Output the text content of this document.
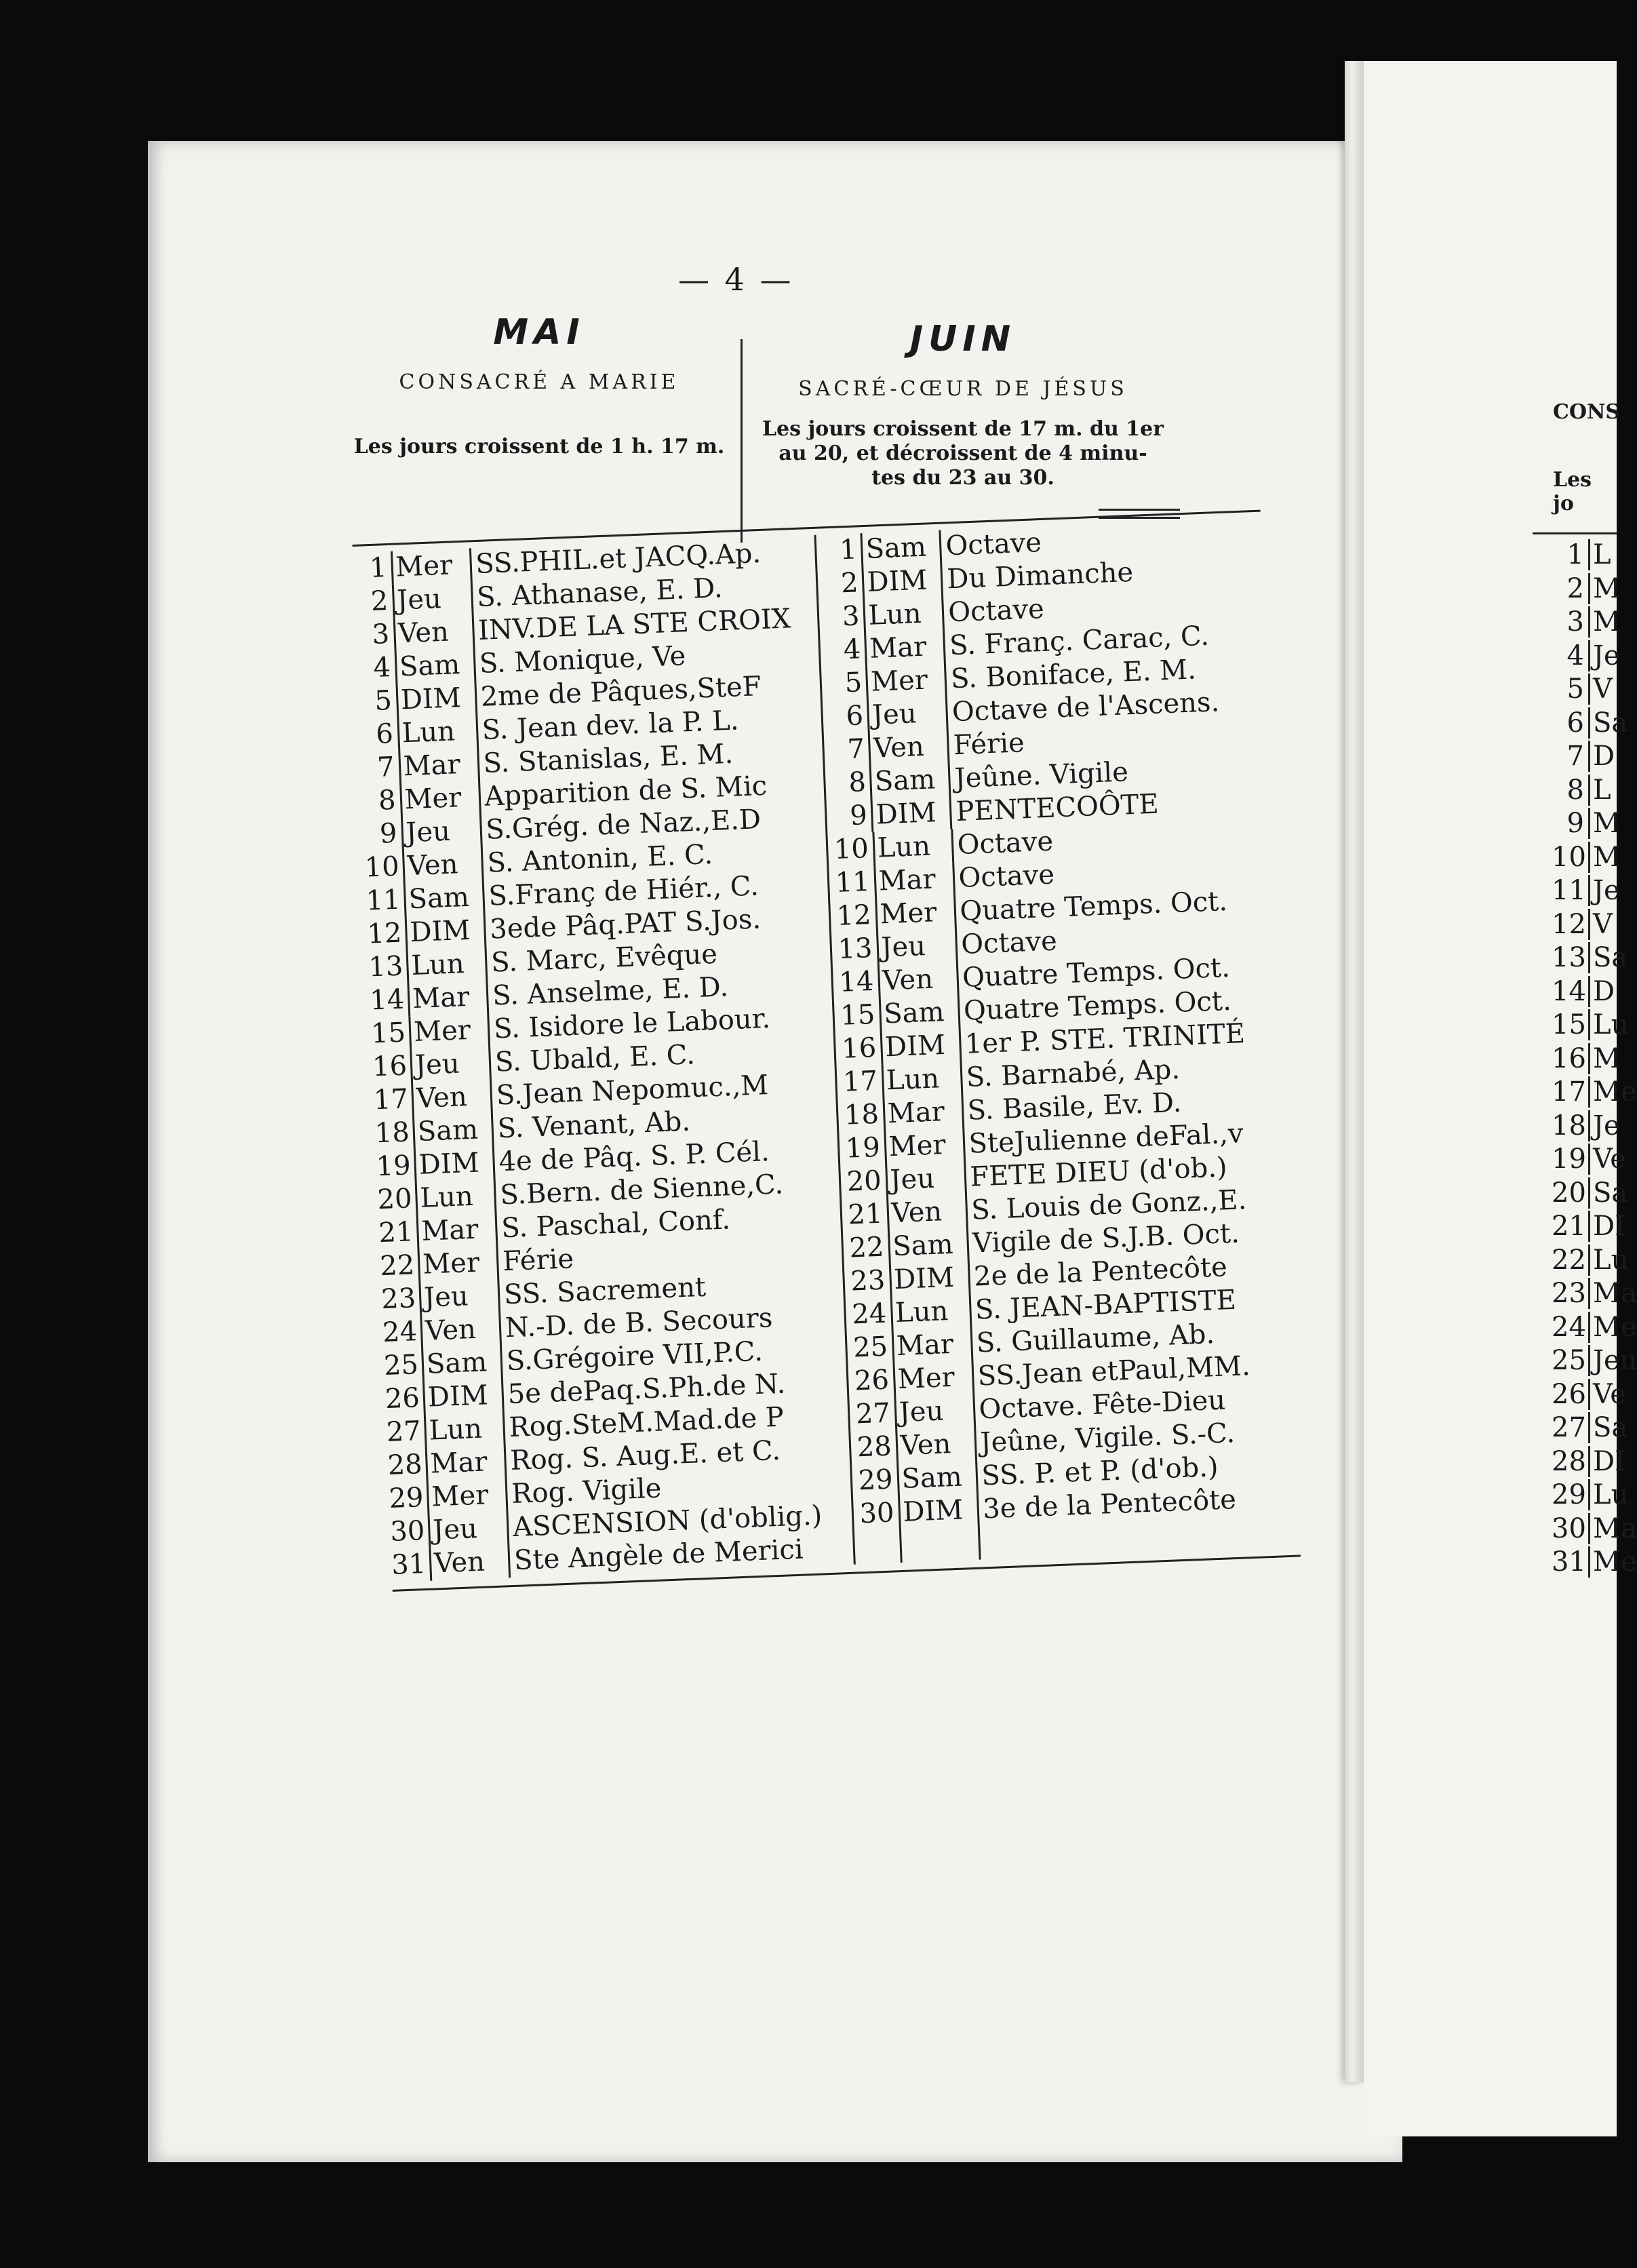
— 4 —
MAI
CONSACRÉ A MARIE
Les jours croissent de 1 h. 17 m.
JUIN
SACRÉ-CŒUR DE JÉSUS
Les jours croissent de 17 m. du 1er
au 20, et décroissent de 4 minu-
tes du 23 au 30.
1 Mer SS.PHIL.et JACQ.Ap.	1 Sam Octave
2 Jeu	S. Athanase, E. D.	2 DIM Du Dimanche
3 Ven	INV.DE LA STE CROIX	3 Lun Octave
4 Sam S. Monique, Ve	4 Mar S. Franç. Carac, C.
5 DIM 2me de Pâques,SteF	5 Mer S. Boniface, E. M.
6 Lun S. Jean dev. la P. L.	6 Jeu	Octave de l'Ascens.
7 Mar S. Stanislas, E. M.	7 Ven	Férie
8 Mer Apparition de S. Mic	8 Sam Jeûne. Vigile
9 Jeu	S.Grég. de Naz.,E.D	9 DIM PENTECOÔTE
10 Ven	S. Antonin, E. C.	10 Lun Octave
11 Sam S.Franç de Hiér., C.	11 Mar Octave
12 DIM 3ede Pâq.PAT S.Jos.	12 Mer Quatre Temps. Oct.
13 Lun S. Marc, Evêque	13 Jeu	Octave
14 Mar S. Anselme, E. D.	14 Ven	Quatre Temps. Oct.
15 Mer S. Isidore le Labour.	15 Sam Quatre Temps. Oct.
16 Jeu	S. Ubald, E. C.	16 DIM 1er P. STE. TRINITÉ
17 Ven	S.Jean Nepomuc.,M	17 Lun S. Barnabé, Ap.
18 Sam S. Venant, Ab.	18 Mar S. Basile, Ev. D.
19 DIM 4e de Pâq. S. P. Cél.	19 Mer SteJulienne deFal.,v
20 Lun S.Bern. de Sienne,C.	20 Jeu	FETE DIEU (d'ob.)
21 Mar S. Paschal, Conf.	21 Ven	S. Louis de Gonz.,E.
22 Mer Férie	22 Sam Vigile de S.J.B. Oct.
23 Jeu	SS. Sacrement	23 DIM 2e de la Pentecôte
24 Ven	N.-D. de B. Secours	24 Lun S. JEAN-BAPTISTE
25 Sam S.Grégoire VII,P.C.	25 Mar S. Guillaume, Ab.
26 DIM 5e dePaq.S.Ph.de N.	26 Mer SS.Jean etPaul,MM.
27 Lun Rog.SteM.Mad.de P	27 Jeu	Octave. Fête-Dieu
28 Mar Rog. S. Aug.E. et C.	28 Ven	Jeûne, Vigile. S.-C.
29 Mer Rog. Vigile	29 Sam SS. P. et P. (d'ob.)
30 Jeu	ASCENSION (d'oblig.)	30 DIM 3e de la Pentecôte
31 Ven	Ste Angèle de Merici
CONS
Les jo
1 L
2 M
3 M
4 Je
5 V
6 Sa
7 D
8 L
9 M
10 M
11 Je
12 V
13 Sa
14 D
15 Lu
16 M
17 Me
18 Je
19 Ve
20 Sa
21 DI
22 Lu
23 Ma
24 Me
25 Jeu
26 Ve
27 Sa
28 DI
29 Lu
30 Ma
31 Me
